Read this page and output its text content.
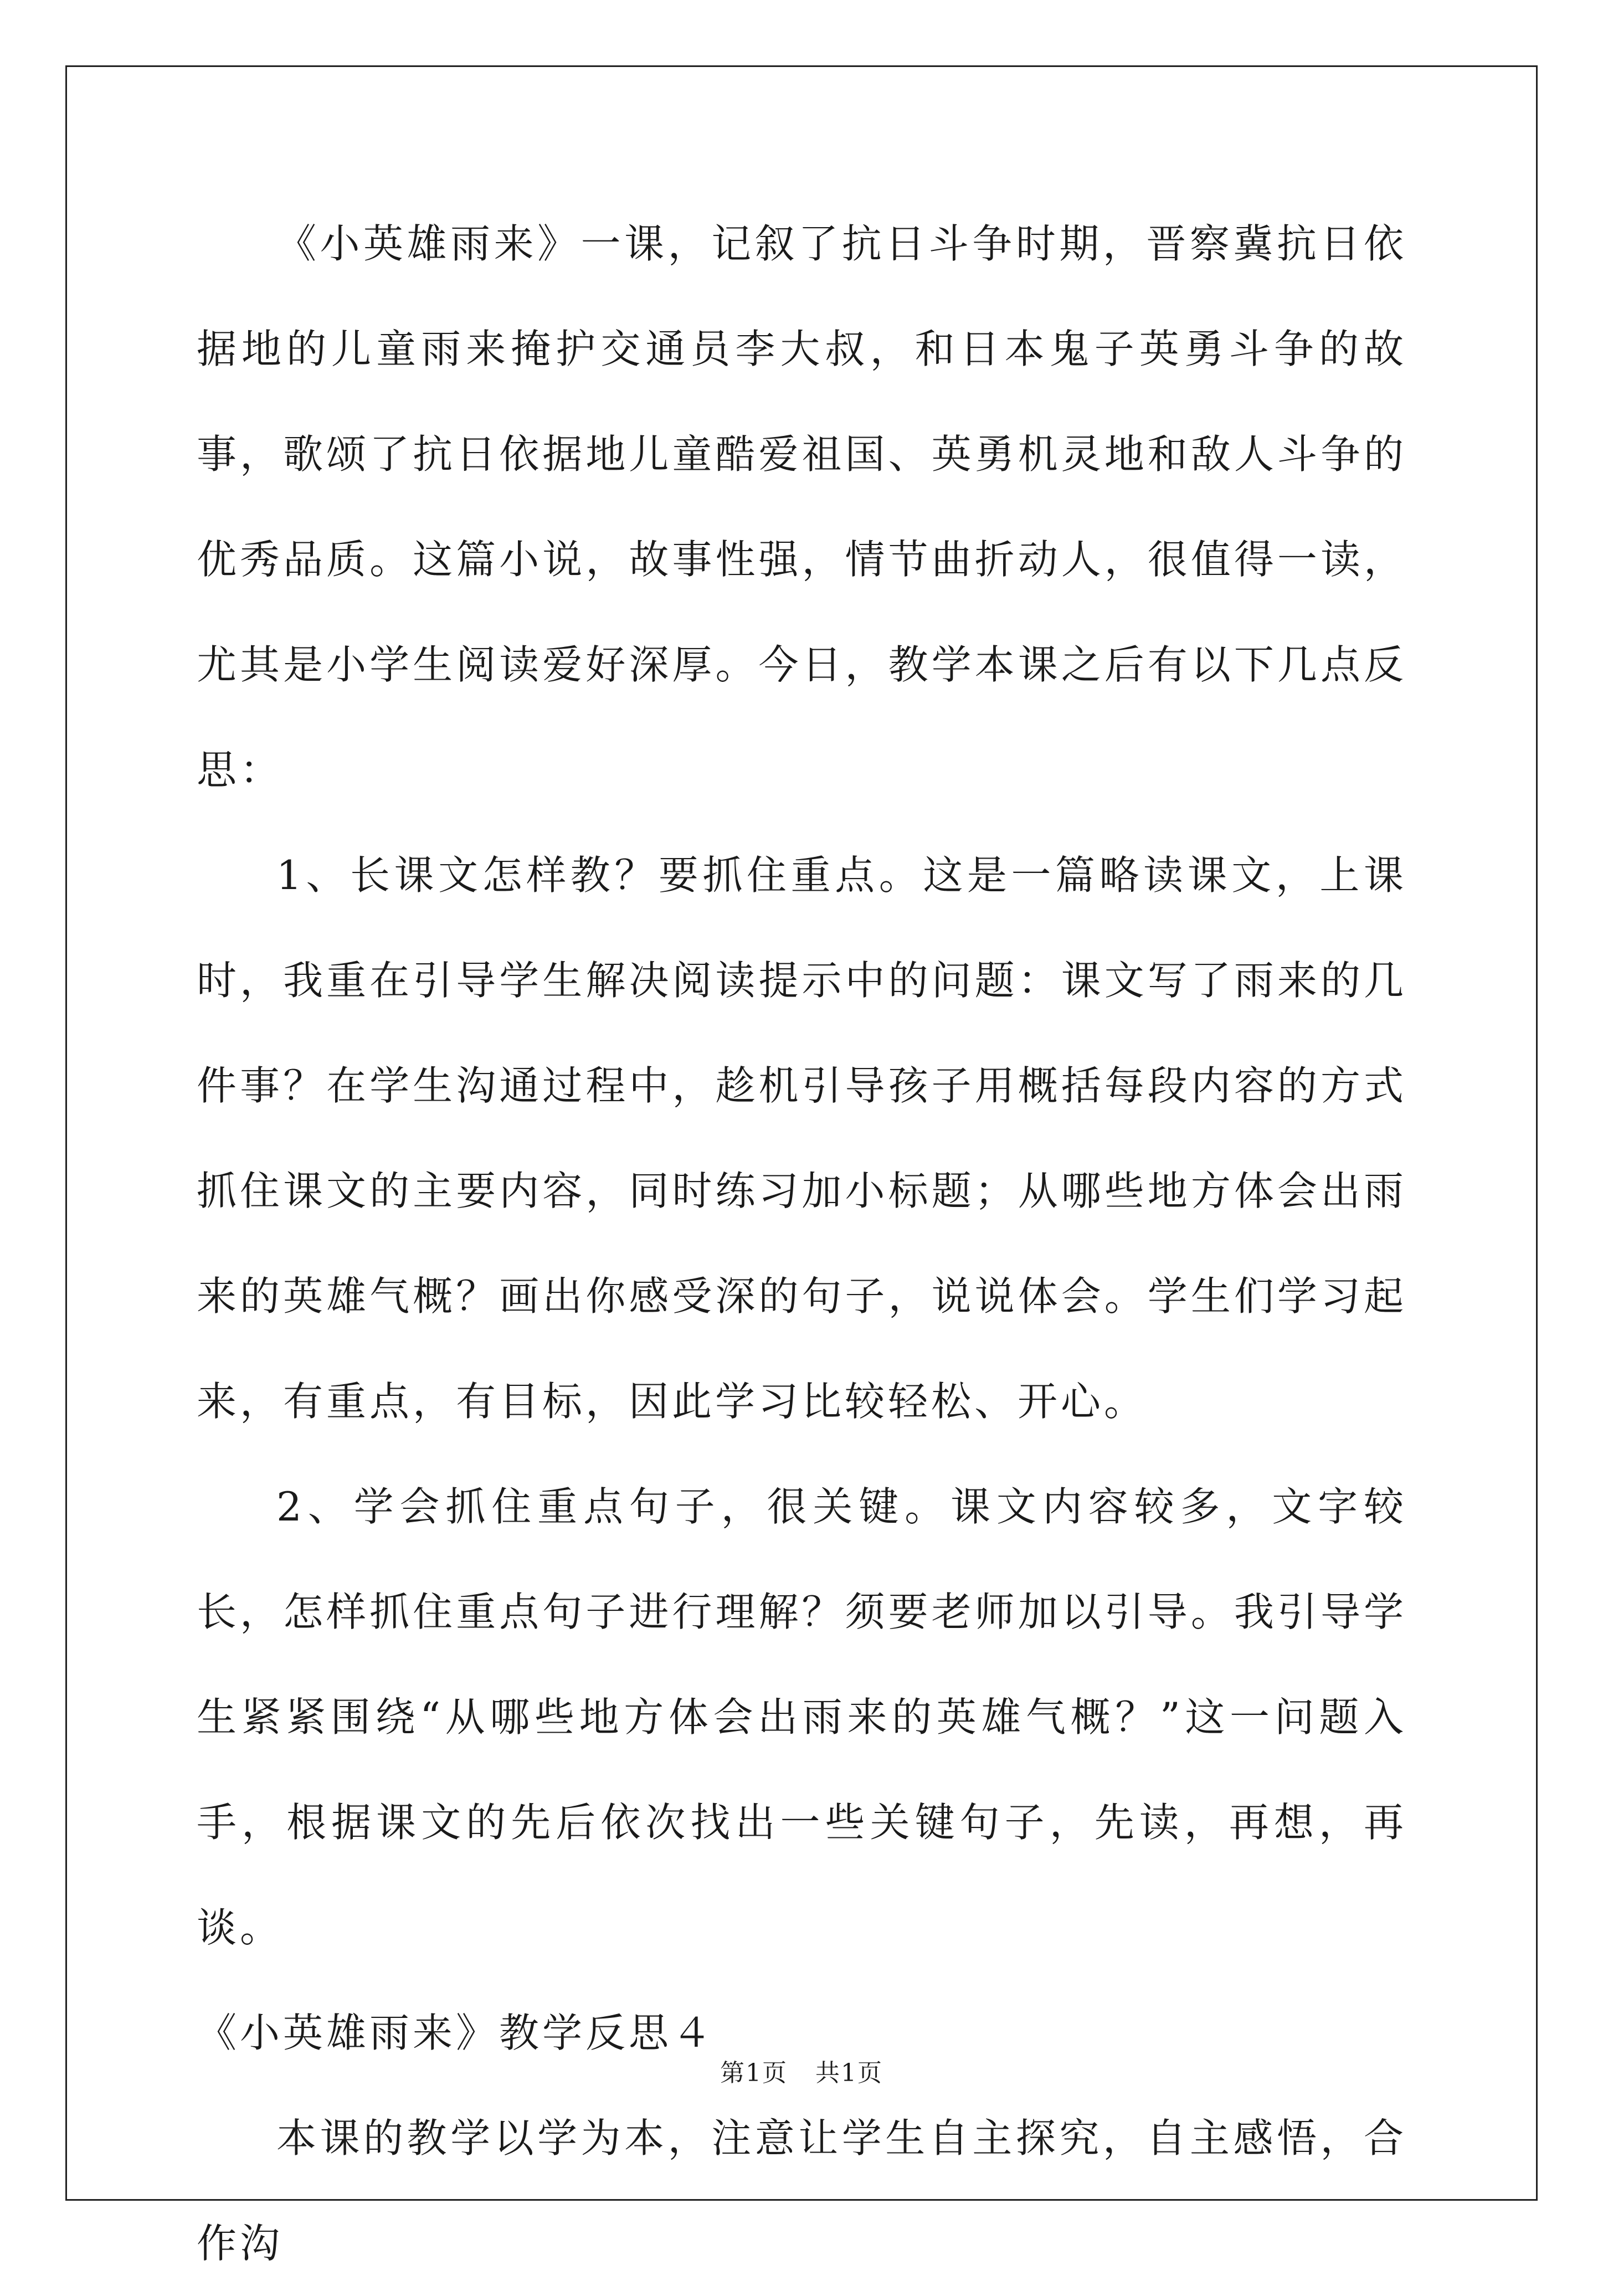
《小英雄雨来》一课，记叙了抗日斗争时期，晋察冀抗日依据地的儿童雨来掩护交通员李大叔，和日本鬼子英勇斗争的故事，歌颂了抗日依据地儿童酷爱祖国、英勇机灵地和敌人斗争的优秀品质。这篇小说，故事性强，情节曲折动人，很值得一读，尤其是小学生阅读爱好深厚。今日，教学本课之后有以下几点反思：

1、长课文怎样教？要抓住重点。这是一篇略读课文，上课时，我重在引导学生解决阅读提示中的问题：课文写了雨来的几件事？在学生沟通过程中，趁机引导孩子用概括每段内容的方式抓住课文的主要内容，同时练习加小标题；从哪些地方体会出雨来的英雄气概？画出你感受深的句子，说说体会。学生们学习起来，有重点，有目标，因此学习比较轻松、开心。

2、学会抓住重点句子，很关键。课文内容较多，文字较长，怎样抓住重点句子进行理解？须要老师加以引导。我引导学生紧紧围绕“从哪些地方体会出雨来的英雄气概？”这一问题入手，根据课文的先后依次找出一些关键句子，先读，再想，再谈。

《小英雄雨来》教学反思４

本课的教学以学为本，注意让学生自主探究，自主感悟，合作沟

第1页 共1页
